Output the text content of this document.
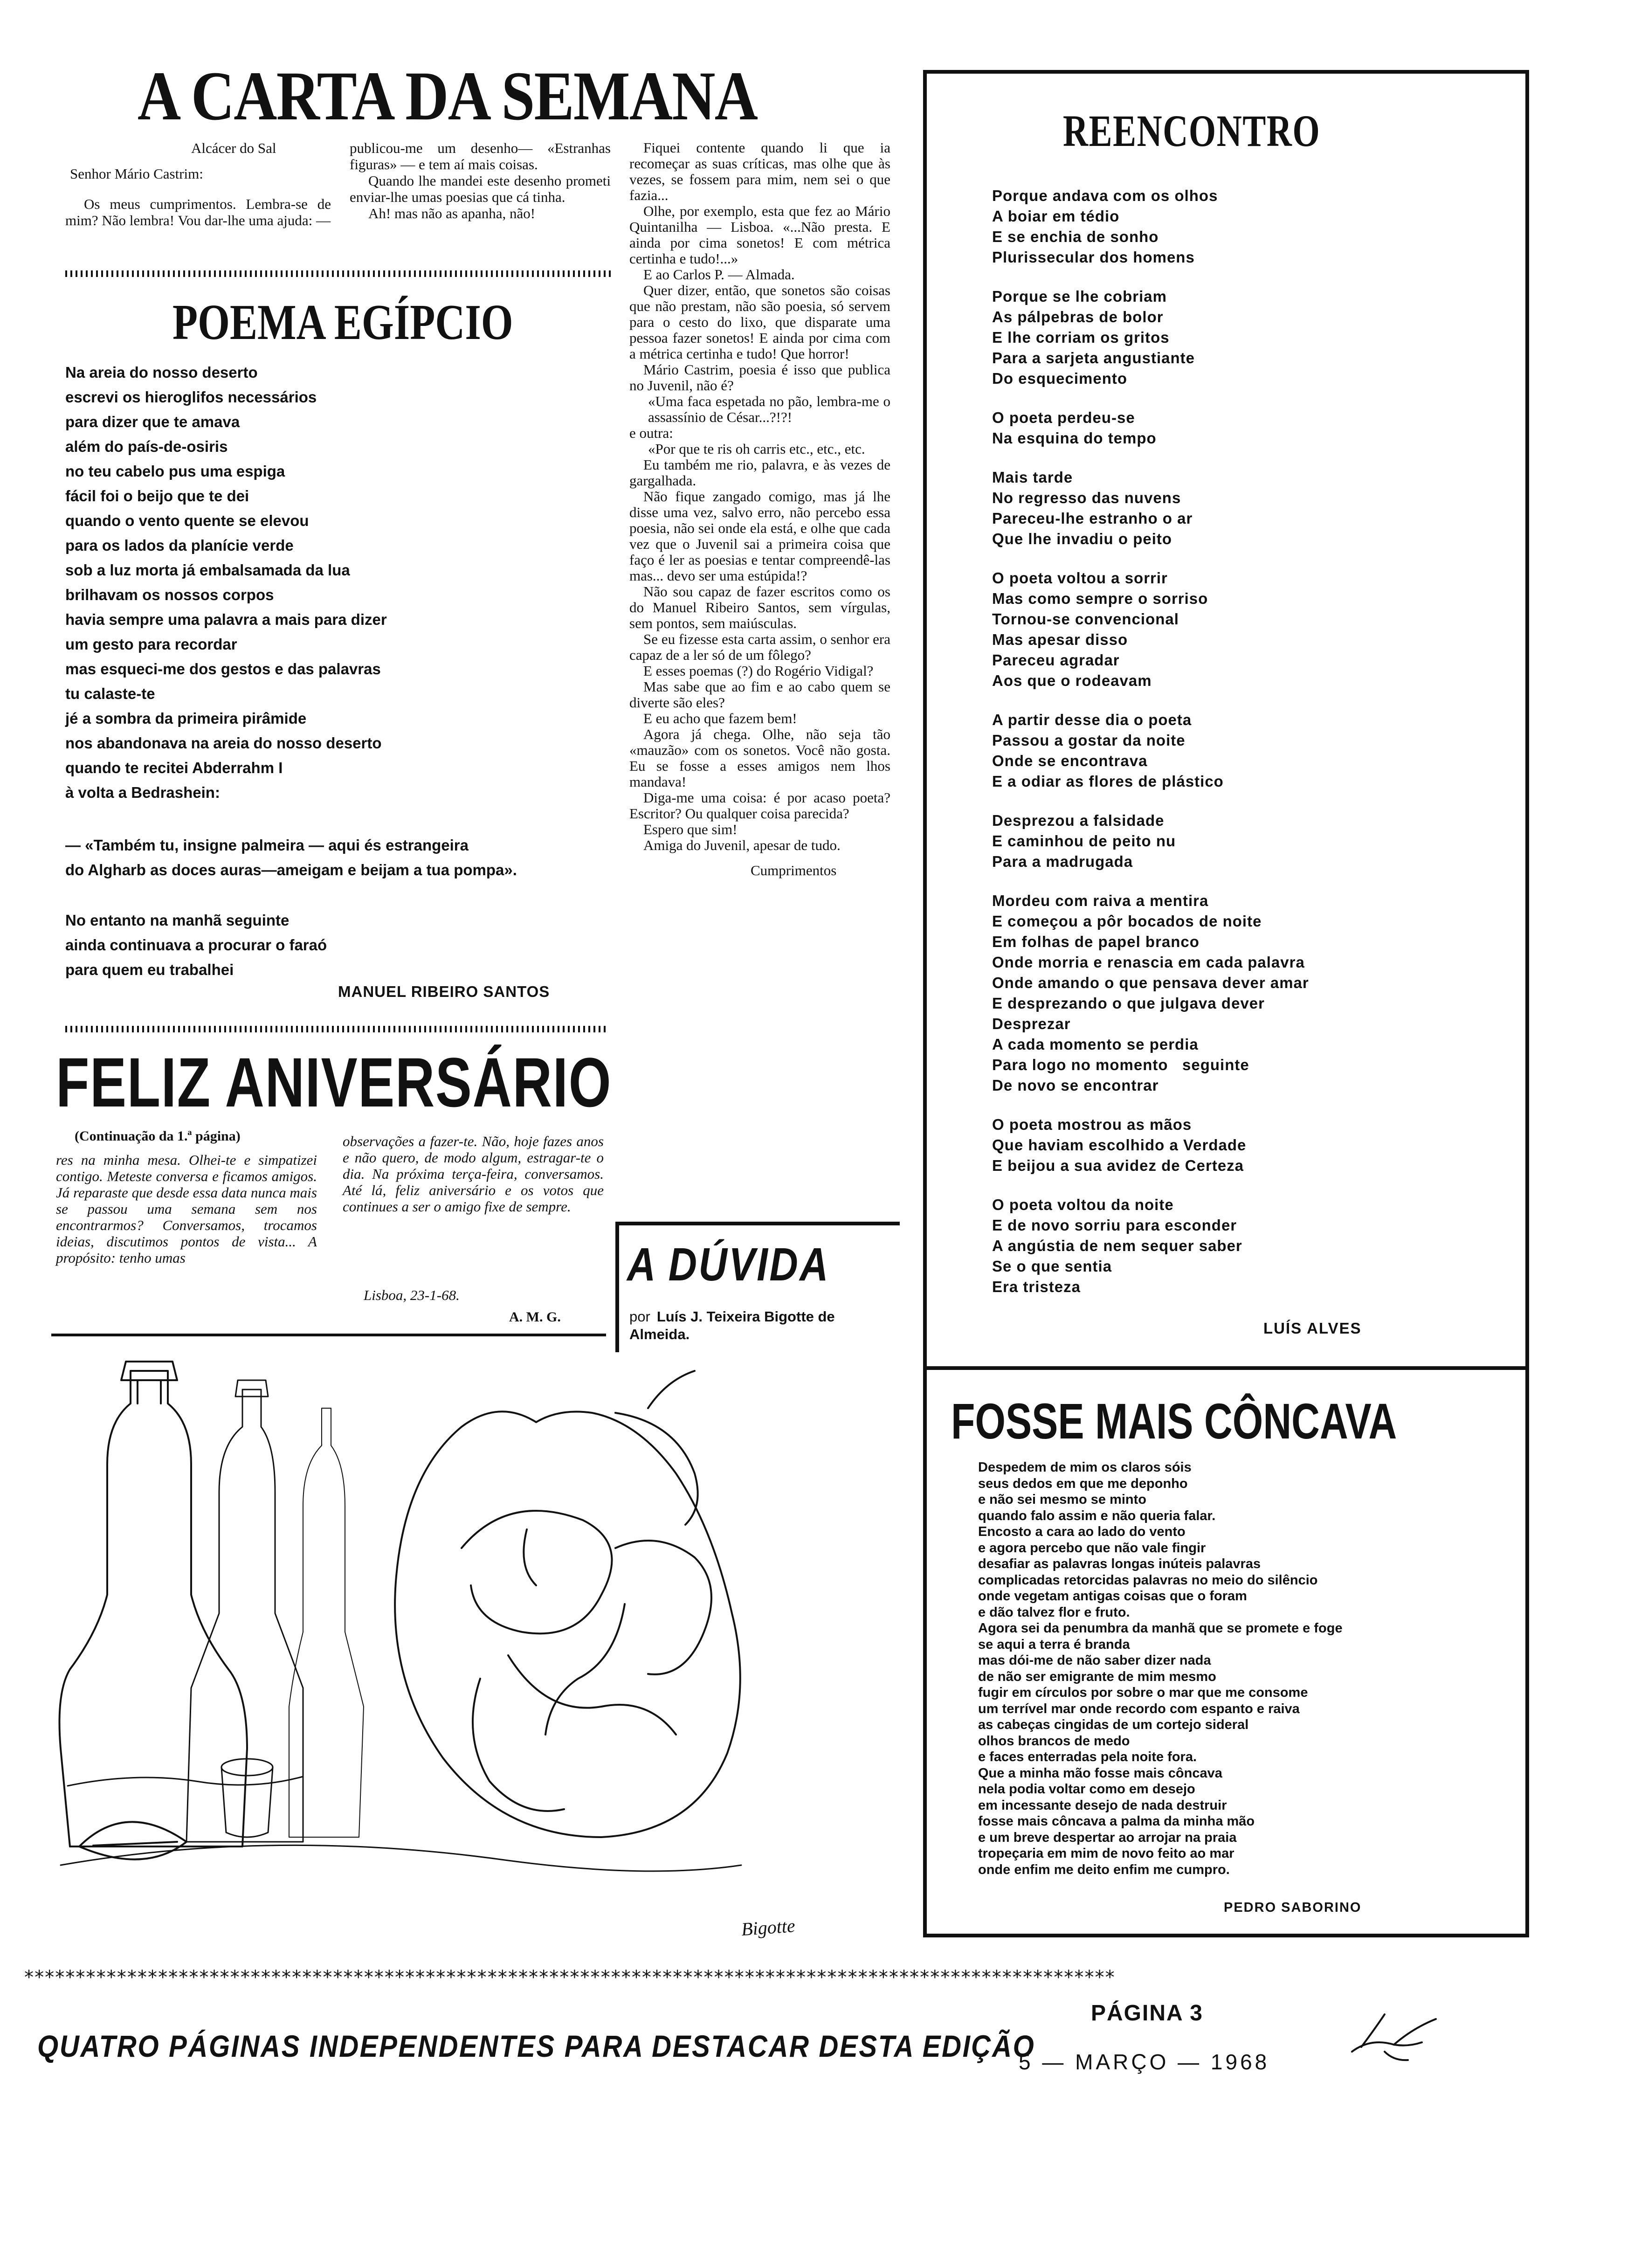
A CARTA DA SEMANA
Alcácer do Sal
Senhor Mário Castrim:
Os meus cumprimentos. Lembra-se de mim? Não lembra! Vou dar-lhe uma ajuda: —
publicou-me um desenho— «Estranhas figuras» — e tem aí mais coisas.
Quando lhe mandei este desenho prometi enviar-lhe umas poesias que cá tinha.
Ah! mas não as apanha, não!

Fiquei contente quando li que ia recomeçar as suas críticas, mas olhe que às vezes, se fossem para mim, nem sei o que fazia...

Olhe, por exemplo, esta que fez ao Mário Quintanilha — Lisboa. «...Não presta. E ainda por cima sonetos! E com métrica certinha e tudo!...»

E ao Carlos P. — Almada.

Quer dizer, então, que sonetos são coisas que não prestam, não são poesia, só servem para o cesto do lixo, que disparate uma pessoa fazer sonetos! E ainda por cima com a métrica certinha e tudo! Que horror!

Mário Castrim, poesia é isso que publica no Juvenil, não é?

«Uma faca espetada no pão, lembra-me o assassínio de César...?!?!

e outra:

«Por que te ris oh carris etc., etc., etc.

Eu também me rio, palavra, e às vezes de gargalhada.

Não fique zangado comigo, mas já lhe disse uma vez, salvo erro, não percebo essa poesia, não sei onde ela está, e olhe que cada vez que o Juvenil sai a primeira coisa que faço é ler as poesias e tentar compreendê-las mas... devo ser uma estúpida!?

Não sou capaz de fazer escritos como os do Manuel Ribeiro Santos, sem vírgulas, sem pontos, sem maiúsculas.

Se eu fizesse esta carta assim, o senhor era capaz de a ler só de um fôlego?

E esses poemas (?) do Rogério Vidigal?

Mas sabe que ao fim e ao cabo quem se diverte são eles?

E eu acho que fazem bem!

Agora já chega. Olhe, não seja tão «mauzão» com os sonetos. Você não gosta. Eu se fosse a esses amigos nem lhos mandava!

Diga-me uma coisa: é por acaso poeta? Escritor? Ou qualquer coisa parecida?

Espero que sim!

Amiga do Juvenil, apesar de tudo.

Cumprimentos

POEMA EGÍPCIO
Na areia do nosso deserto
escrevi os hieroglifos necessários
para dizer que te amava
além do país-de-osiris
no teu cabelo pus uma espiga
fácil foi o beijo que te dei
quando o vento quente se elevou
para os lados da planície verde
sob a luz morta já embalsamada da lua
brilhavam os nossos corpos
havia sempre uma palavra a mais para dizer
um gesto para recordar
mas esqueci-me dos gestos e das palavras
tu calaste-te
jé a sombra da primeira pirâmide
nos abandonava na areia do nosso deserto
quando te recitei Abderrahm I
à volta a Bedrashein:
— «Também tu, insigne palmeira — aqui és estrangeira
do Algharb as doces auras—ameigam e beijam a tua pompa».
No entanto na manhã seguinte
ainda continuava a procurar o faraó
para quem eu trabalhei
MANUEL RIBEIRO SANTOS
FELIZ ANIVERSÁRIO
(Continuação da 1.ª página)
res na minha mesa. Olhei-te e simpatizei contigo. Meteste conversa e ficamos amigos. Já reparaste que desde essa data nunca mais se passou uma semana sem nos encontrarmos? Conversamos, trocamos ideias, discutimos pontos de vista... A propósito: tenho umas
observações a fazer-te. Não, hoje fazes anos e não quero, de modo algum, estragar-te o dia. Na próxima terça-feira, conversamos. Até lá, feliz aniversário e os votos que continues a ser o amigo fixe de sempre.
Lisboa, 23-1-68.
A. M. G.
A DÚVIDA
por Luís J. Teixeira Bigotte de Almeida.
Bigotte
REENCONTRO
Porque andava com os olhos
A boiar em tédio
E se enchia de sonho
Plurissecular dos homens
Porque se lhe cobriam
As pálpebras de bolor
E lhe corriam os gritos
Para a sarjeta angustiante
Do esquecimento
O poeta perdeu-se
Na esquina do tempo
Mais tarde
No regresso das nuvens
Pareceu-lhe estranho o ar
Que lhe invadiu o peito
O poeta voltou a sorrir
Mas como sempre o sorriso
Tornou-se convencional
Mas apesar disso
Pareceu agradar
Aos que o rodeavam
A partir desse dia o poeta
Passou a gostar da noite
Onde se encontrava
E a odiar as flores de plástico
Desprezou a falsidade
E caminhou de peito nu
Para a madrugada
Mordeu com raiva a mentira
E começou a pôr bocados de noite
Em folhas de papel branco
Onde morria e renascia em cada palavra
Onde amando o que pensava dever amar
E desprezando o que julgava dever
Desprezar
A cada momento se perdia
Para logo no momento   seguinte
De novo se encontrar
O poeta mostrou as mãos
Que haviam escolhido a Verdade
E beijou a sua avidez de Certeza
O poeta voltou da noite
E de novo sorriu para esconder
A angústia de nem sequer saber
Se o que sentia
Era tristeza
LUÍS ALVES
FOSSE MAIS CÔNCAVA
Despedem de mim os claros sóis
seus dedos em que me deponho
e não sei mesmo se minto
quando falo assim e não queria falar.
Encosto a cara ao lado do vento
e agora percebo que não vale fingir
desafiar as palavras longas inúteis palavras
complicadas retorcidas palavras no meio do silêncio
onde vegetam antigas coisas que o foram
e dão talvez flor e fruto.
Agora sei da penumbra da manhã que se promete e foge
se aqui a terra é branda
mas dói-me de não saber dizer nada
de não ser emigrante de mim mesmo
fugir em círculos por sobre o mar que me consome
um terrível mar onde recordo com espanto e raiva
as cabeças cingidas de um cortejo sideral
olhos brancos de medo
e faces enterradas pela noite fora.
Que a minha mão fosse mais côncava
nela podia voltar como em desejo
em incessante desejo de nada destruir
fosse mais côncava a palma da minha mão
e um breve despertar ao arrojar na praia
tropeçaria em mim de novo feito ao mar
onde enfim me deito enfim me cumpro.
PEDRO SABORINO
**********************************************************************************************************
QUATRO PÁGINAS INDEPENDENTES PARA DESTACAR DESTA EDIÇÃO
PÁGINA 3
5 — MARÇO — 1968
